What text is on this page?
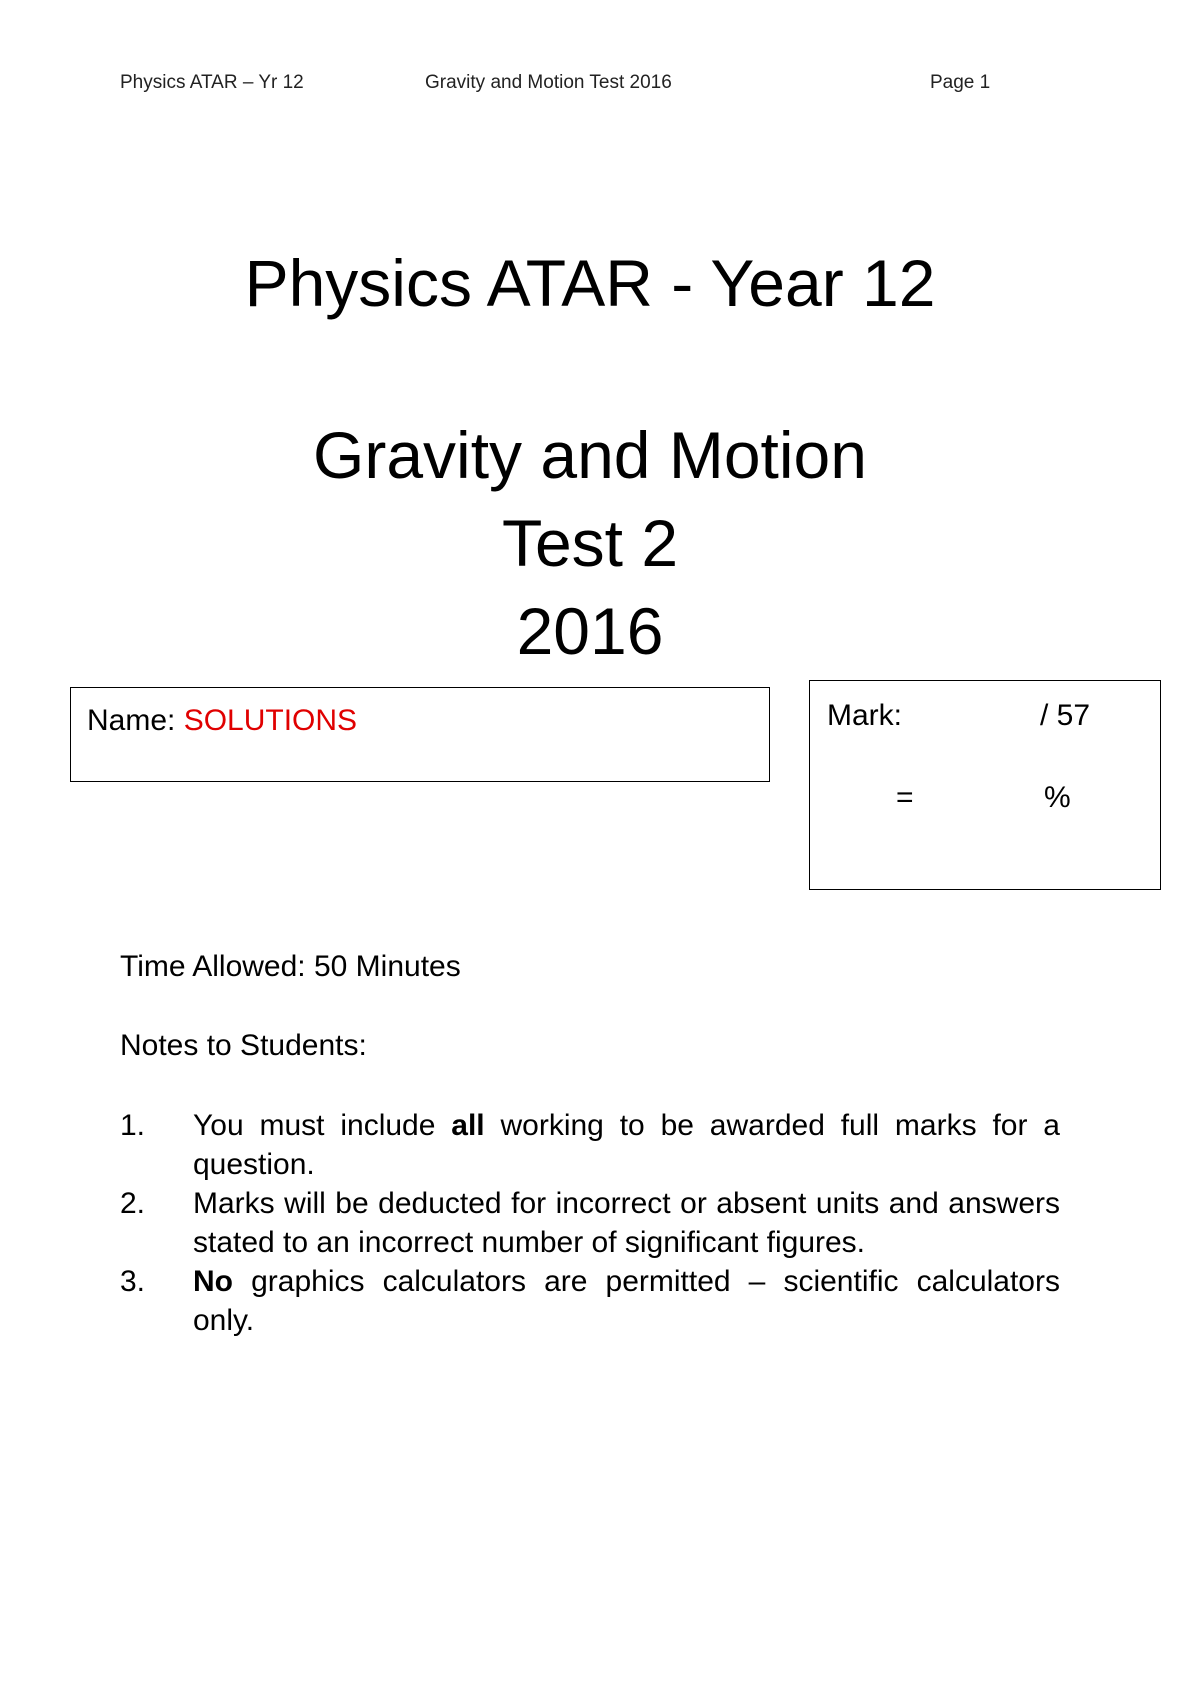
Physics ATAR – Yr 12	Gravity and Motion Test 2016	Page 1
Physics ATAR - Year 12
Gravity and Motion
Test 2
2016
Name: SOLUTIONS	Mark:	/ 57
=	%
Time Allowed: 50 Minutes
Notes to Students:
1. You must include all working to be awarded full marks for a question.
2. Marks will be deducted for incorrect or absent units and answers stated to an incorrect number of significant figures.
3. No graphics calculators are permitted – scientific calculators only.
